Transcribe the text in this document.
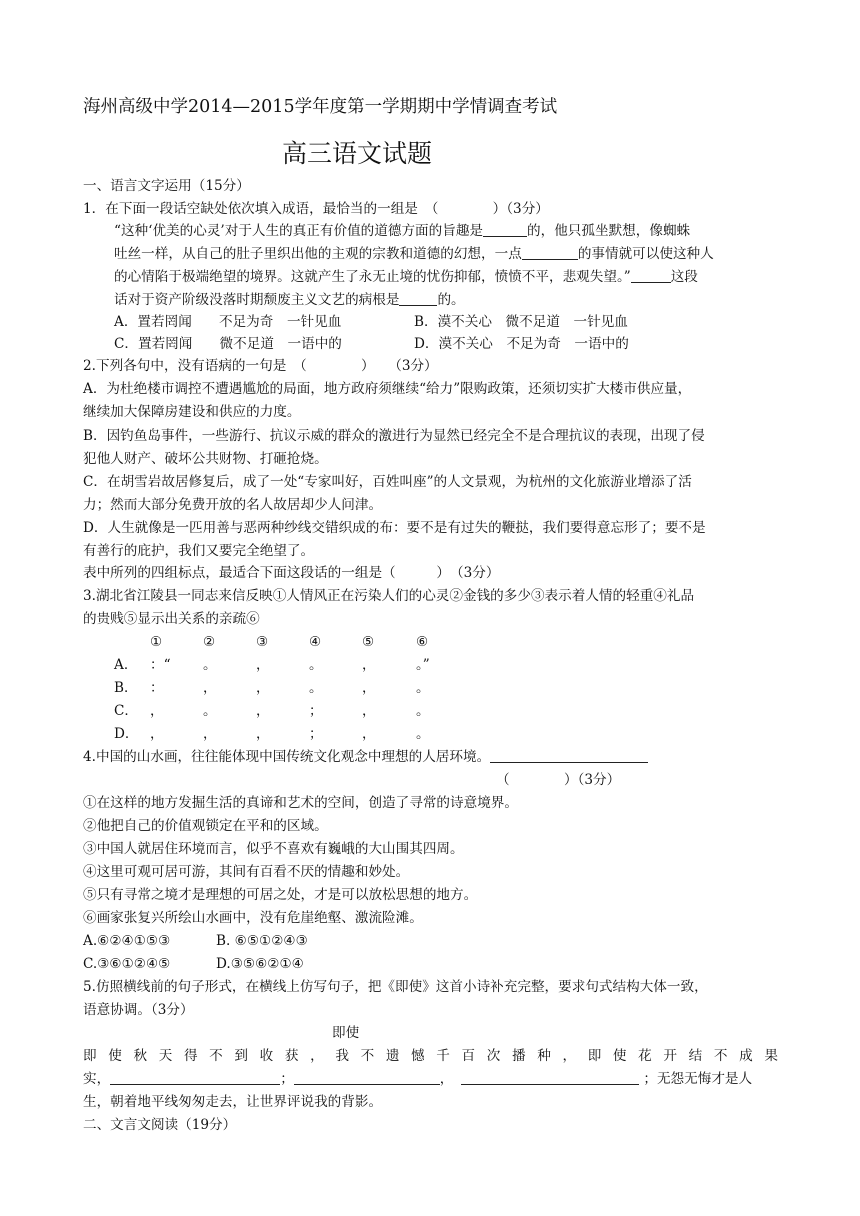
海州高级中学2014—2015学年度第一学期期中学情调查考试
高三语文试题
一、语言文字运用（15分）
1．在下面一段话空缺处依次填入成语，最恰当的一组是　（　　　　）（3分）
“这种‘优美的心灵’对于人生的真正有价值的道德方面的旨趣是	的，他只孤坐默想，像蜘蛛
吐丝一样，从自己的肚子里织出他的主观的宗教和道德的幻想，一点	的事情就可以使这种人
的心情陷于极端绝望的境界。这就产生了永无止境的忧伤抑郁，愤愤不平，悲观失望。”	这段
话对于资产阶级没落时期颓废主义文艺的病根是	的。
A．置若罔闻　　不足为奇　一针见血	B．漠不关心　微不足道　一针见血
C．置若罔闻　　微不足道　一语中的	D．漠不关心　不足为奇　一语中的
2.下列各句中，没有语病的一句是　（　　　　）　　（3分）
A．为杜绝楼市调控不遭遇尴尬的局面，地方政府须继续“给力”限购政策，还须切实扩大楼市供应量，
继续加大保障房建设和供应的力度。
B．因钓鱼岛事件，一些游行、抗议示威的群众的激进行为显然已经完全不是合理抗议的表现，出现了侵
犯他人财产、破坏公共财物、打砸抢烧。
C．在胡雪岩故居修复后，成了一处“专家叫好，百姓叫座”的人文景观，为杭州的文化旅游业增添了活
力；然而大部分免费开放的名人故居却少人问津。
D．人生就像是一匹用善与恶两种纱线交错织成的布：要不是有过失的鞭挞，我们要得意忘形了；要不是
有善行的庇护，我们又要完全绝望了。
表中所列的四组标点，最适合下面这段话的一组是（　　　）　（3分）
3.湖北省江陵县一同志来信反映①人情风正在污染人们的心灵②金钱的多少③表示着人情的轻重④礼品
的贵贱⑤显示出关系的亲疏⑥
①	②	③	④	⑤	⑥
A． ：“ 。	，	。	，	。”
B． ：	，	，	。	，	。
C． ，	。	，	；	，	。
D． ，	，	，	；	，	。
4.中国的山水画，往往能体现中国传统文化观念中理想的人居环境。
（　　　　）（3分）
①在这样的地方发掘生活的真谛和艺术的空间，创造了寻常的诗意境界。
②他把自己的价值观锁定在平和的区域。
③中国人就居住环境而言，似乎不喜欢有巍峨的大山围其四周。
④这里可观可居可游，其间有百看不厌的情趣和妙处。
⑤只有寻常之境才是理想的可居之处，才是可以放松思想的地方。
⑥画家张复兴所绘山水画中，没有危崖绝壑、激流险滩。
A.⑥②④①⑤③	B. ⑥⑤①②④③
C.③⑥①②④⑤	D.③⑤⑥②①④
5.仿照横线前的句子形式，在横线上仿写句子，把《即使》这首小诗补充完整，要求句式结构大体一致，
语意协调。（3分）
即使
即 使 秋 天 得 不 到 收 获 ， 我 不 遗 憾 千 百 次 播 种 ， 即 使 花 开 结 不 成 果
实，	；	，	；无怨无悔才是人
生，朝着地平线匆匆走去，让世界评说我的背影。
二、文言文阅读（19分）
